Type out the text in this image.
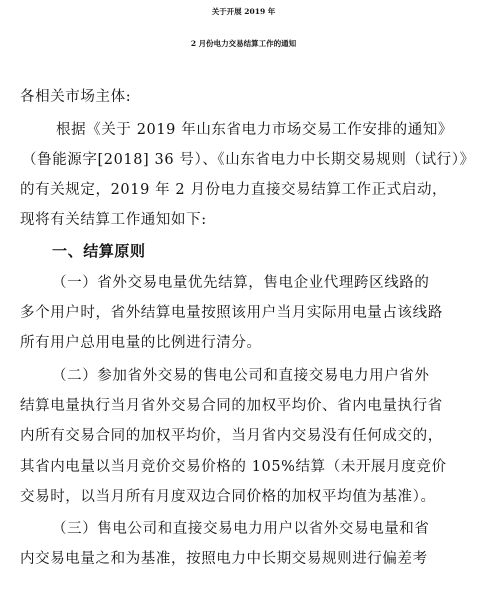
关于开展 2019 年
2 月份电力交易结算工作的通知
各相关市场主体:
根据《关于 2019 年山东省电力市场交易工作安排的通知》
（鲁能源字[2018] 36 号）、《山东省电力中长期交易规则（试行）》
的有关规定，2019 年 2 月份电力直接交易结算工作正式启动，
现将有关结算工作通知如下:
一、结算原则
（一）省外交易电量优先结算，售电企业代理跨区线路的
多个用户时，省外结算电量按照该用户当月实际用电量占该线路
所有用户总用电量的比例进行清分。
（二）参加省外交易的售电公司和直接交易电力用户省外
结算电量执行当月省外交易合同的加权平均价、省内电量执行省
内所有交易合同的加权平均价，当月省内交易没有任何成交的，
其省内电量以当月竞价交易价格的 105%结算（未开展月度竞价
交易时，以当月所有月度双边合同价格的加权平均值为基准）。
（三）售电公司和直接交易电力用户以省外交易电量和省
内交易电量之和为基准，按照电力中长期交易规则进行偏差考
